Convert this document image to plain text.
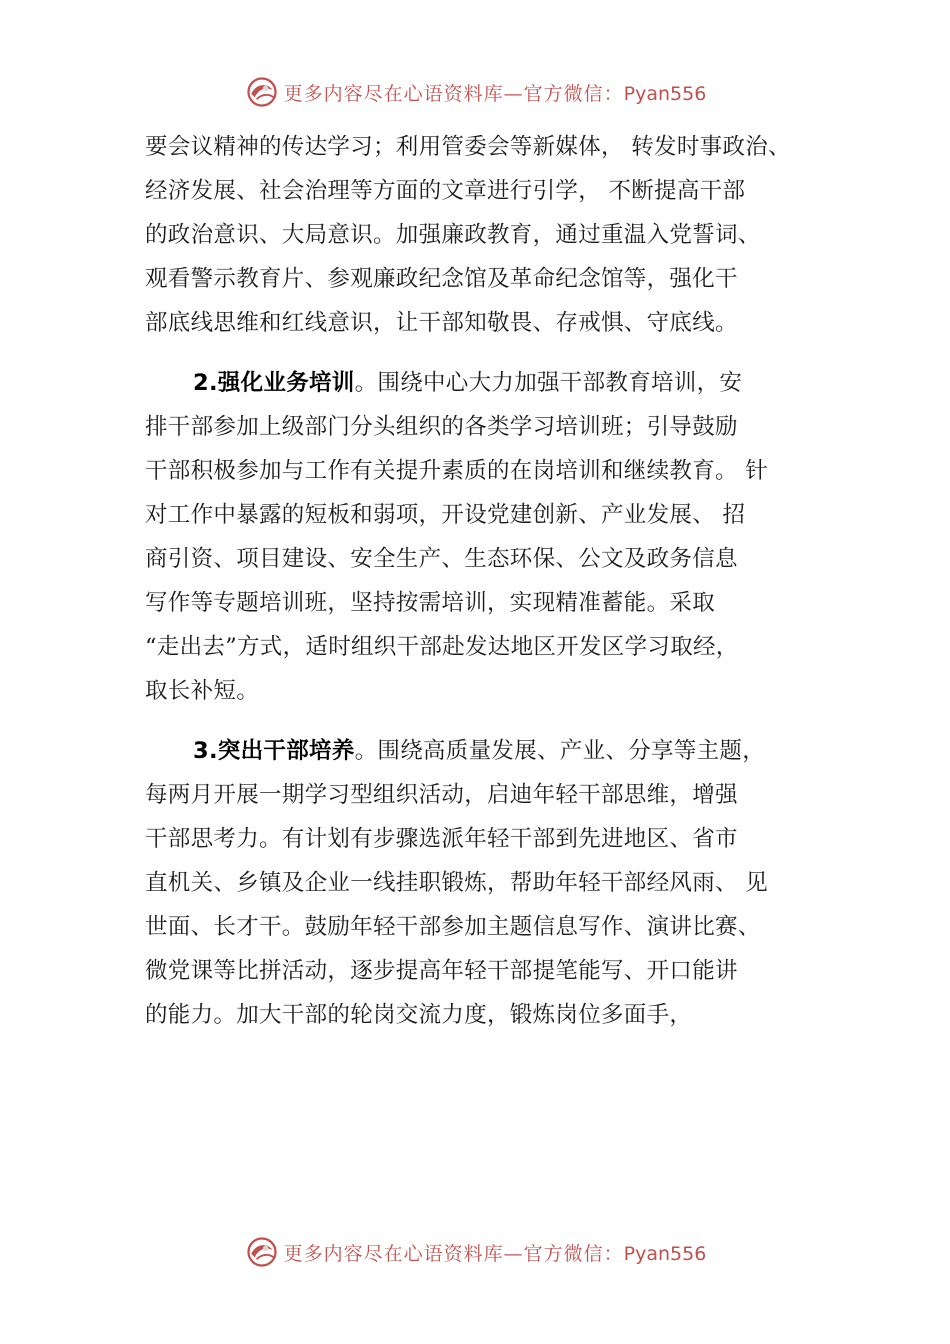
更多内容尽在心语资料库—官方微信：Pyan556
要会议精神的传达学习；利用管委会等新媒体， 转发时事政治、
经济发展、社会治理等方面的文章进行引学， 不断提高干部
的政治意识、大局意识。加强廉政教育，通过重温入党誓词、
观看警示教育片、参观廉政纪念馆及革命纪念馆等，强化干
部底线思维和红线意识，让干部知敬畏、存戒惧、守底线。
2.强化业务培训。围绕中心大力加强干部教育培训，安
排干部参加上级部门分头组织的各类学习培训班；引导鼓励
干部积极参加与工作有关提升素质的在岗培训和继续教育。 针
对工作中暴露的短板和弱项，开设党建创新、产业发展、 招
商引资、项目建设、安全生产、生态环保、公文及政务信息
写作等专题培训班，坚持按需培训，实现精准蓄能。采取
“走出去”方式，适时组织干部赴发达地区开发区学习取经，
取长补短。
3.突出干部培养。围绕高质量发展、产业、分享等主题，
每两月开展一期学习型组织活动，启迪年轻干部思维，增强
干部思考力。有计划有步骤选派年轻干部到先进地区、省市
直机关、乡镇及企业一线挂职锻炼，帮助年轻干部经风雨、 见
世面、长才干。鼓励年轻干部参加主题信息写作、演讲比赛、
微党课等比拼活动，逐步提高年轻干部提笔能写、开口能讲
的能力。加大干部的轮岗交流力度，锻炼岗位多面手，
更多内容尽在心语资料库—官方微信：Pyan556
